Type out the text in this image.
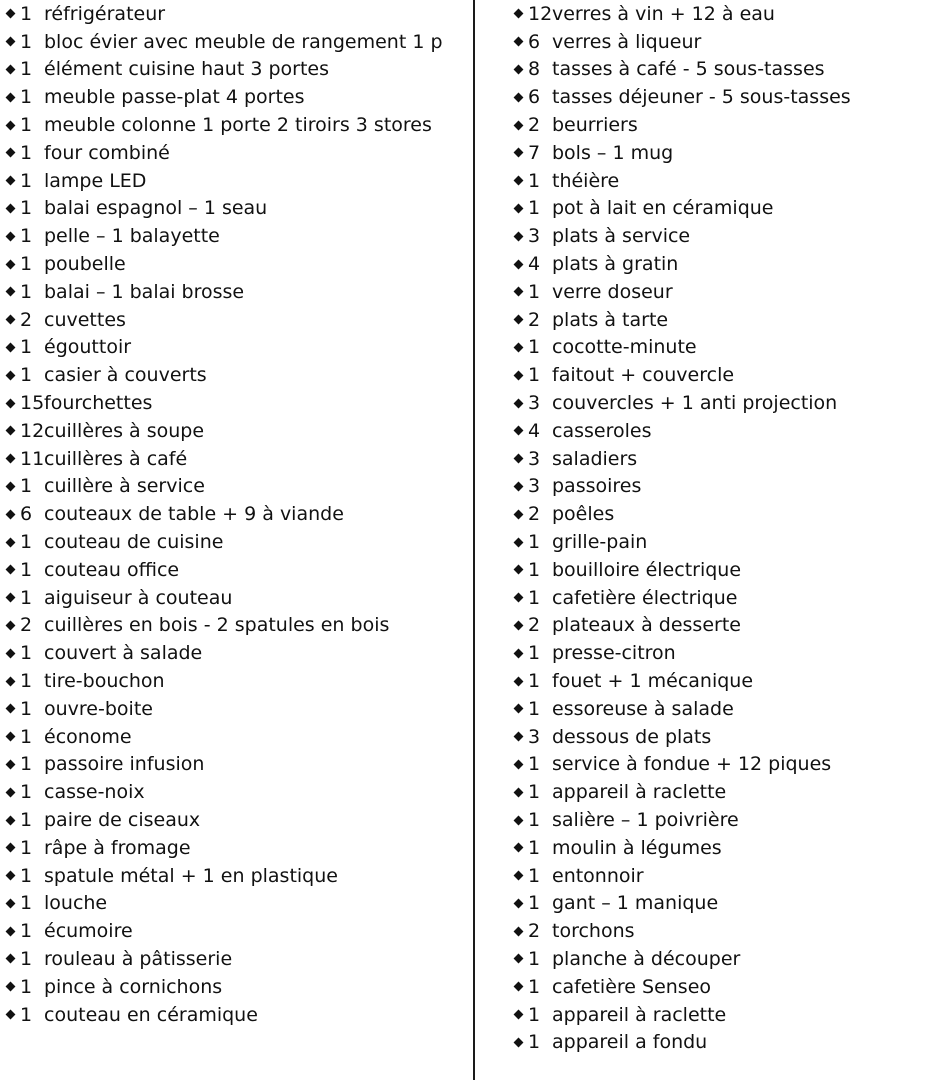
1 réfrigérateur
1 bloc évier avec meuble de rangement 1 p
1 élément cuisine haut 3 portes
1 meuble passe-plat 4 portes
1 meuble colonne 1 porte 2 tiroirs 3 stores
1 four combiné
1 lampe LED
1 balai espagnol – 1 seau
1 pelle – 1 balayette
1 poubelle
1 balai – 1 balai brosse
2 cuvettes
1 égouttoir
1 casier à couverts
15 fourchettes
12 cuillères à soupe
11 cuillères à café
1 cuillère à service
6 couteaux de table + 9 à viande
1 couteau de cuisine
1 couteau office
1 aiguiseur à couteau
2 cuillères en bois - 2 spatules en bois
1 couvert à salade
1 tire-bouchon
1 ouvre-boite
1 économe
1 passoire infusion
1 casse-noix
1 paire de ciseaux
1 râpe à fromage
1 spatule métal + 1 en plastique
1 louche
1 écumoire
1 rouleau à pâtisserie
1 pince à cornichons
1 couteau en céramique
12 verres à vin + 12 à eau
6 verres à liqueur
8 tasses à café - 5 sous-tasses
6 tasses déjeuner - 5 sous-tasses
2 beurriers
7 bols – 1 mug
1 théière
1 pot à lait en céramique
3 plats à service
4 plats à gratin
1 verre doseur
2 plats à tarte
1 cocotte-minute
1 faitout + couvercle
3 couvercles + 1 anti projection
4 casseroles
3 saladiers
3 passoires
2 poêles
1 grille-pain
1 bouilloire électrique
1 cafetière électrique
2 plateaux à desserte
1 presse-citron
1 fouet + 1 mécanique
1 essoreuse à salade
3 dessous de plats
1 service à fondue + 12 piques
1 appareil à raclette
1 salière – 1 poivrière
1 moulin à légumes
1 entonnoir
1 gant – 1 manique
2 torchons
1 planche à découper
1 cafetière Senseo
1 appareil à raclette
1 appareil a fondu
